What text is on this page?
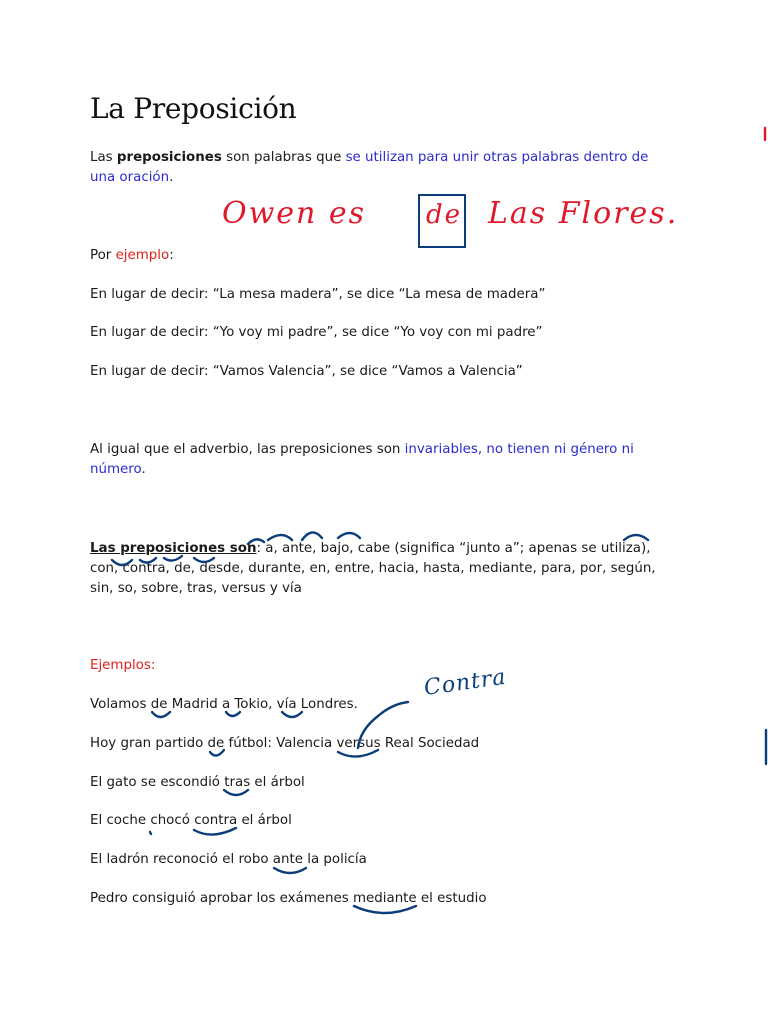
La Preposición

Las preposiciones son palabras que se utilizan para unir otras palabras dentro de una oración.

Owen es de Las Flores.

Por ejemplo:

En lugar de decir: “La mesa madera”, se dice “La mesa de madera”

En lugar de decir: “Yo voy mi padre”, se dice “Yo voy con mi padre”

En lugar de decir: “Vamos Valencia”, se dice “Vamos a Valencia”

Al igual que el adverbio, las preposiciones son invariables, no tienen ni género ni número.

Las preposiciones son: a, ante, bajo, cabe (significa “junto a”; apenas se utiliza), con, contra, de, desde, durante, en, entre, hacia, hasta, mediante, para, por, según, sin, so, sobre, tras, versus y vía

Ejemplos:

Volamos de Madrid a Tokio, vía Londres.

Hoy gran partido de fútbol: Valencia versus Real Sociedad

El gato se escondió tras el árbol

El coche chocó contra el árbol

El ladrón reconoció el robo ante la policía

Pedro consiguió aprobar los exámenes mediante el estudio

Contra
